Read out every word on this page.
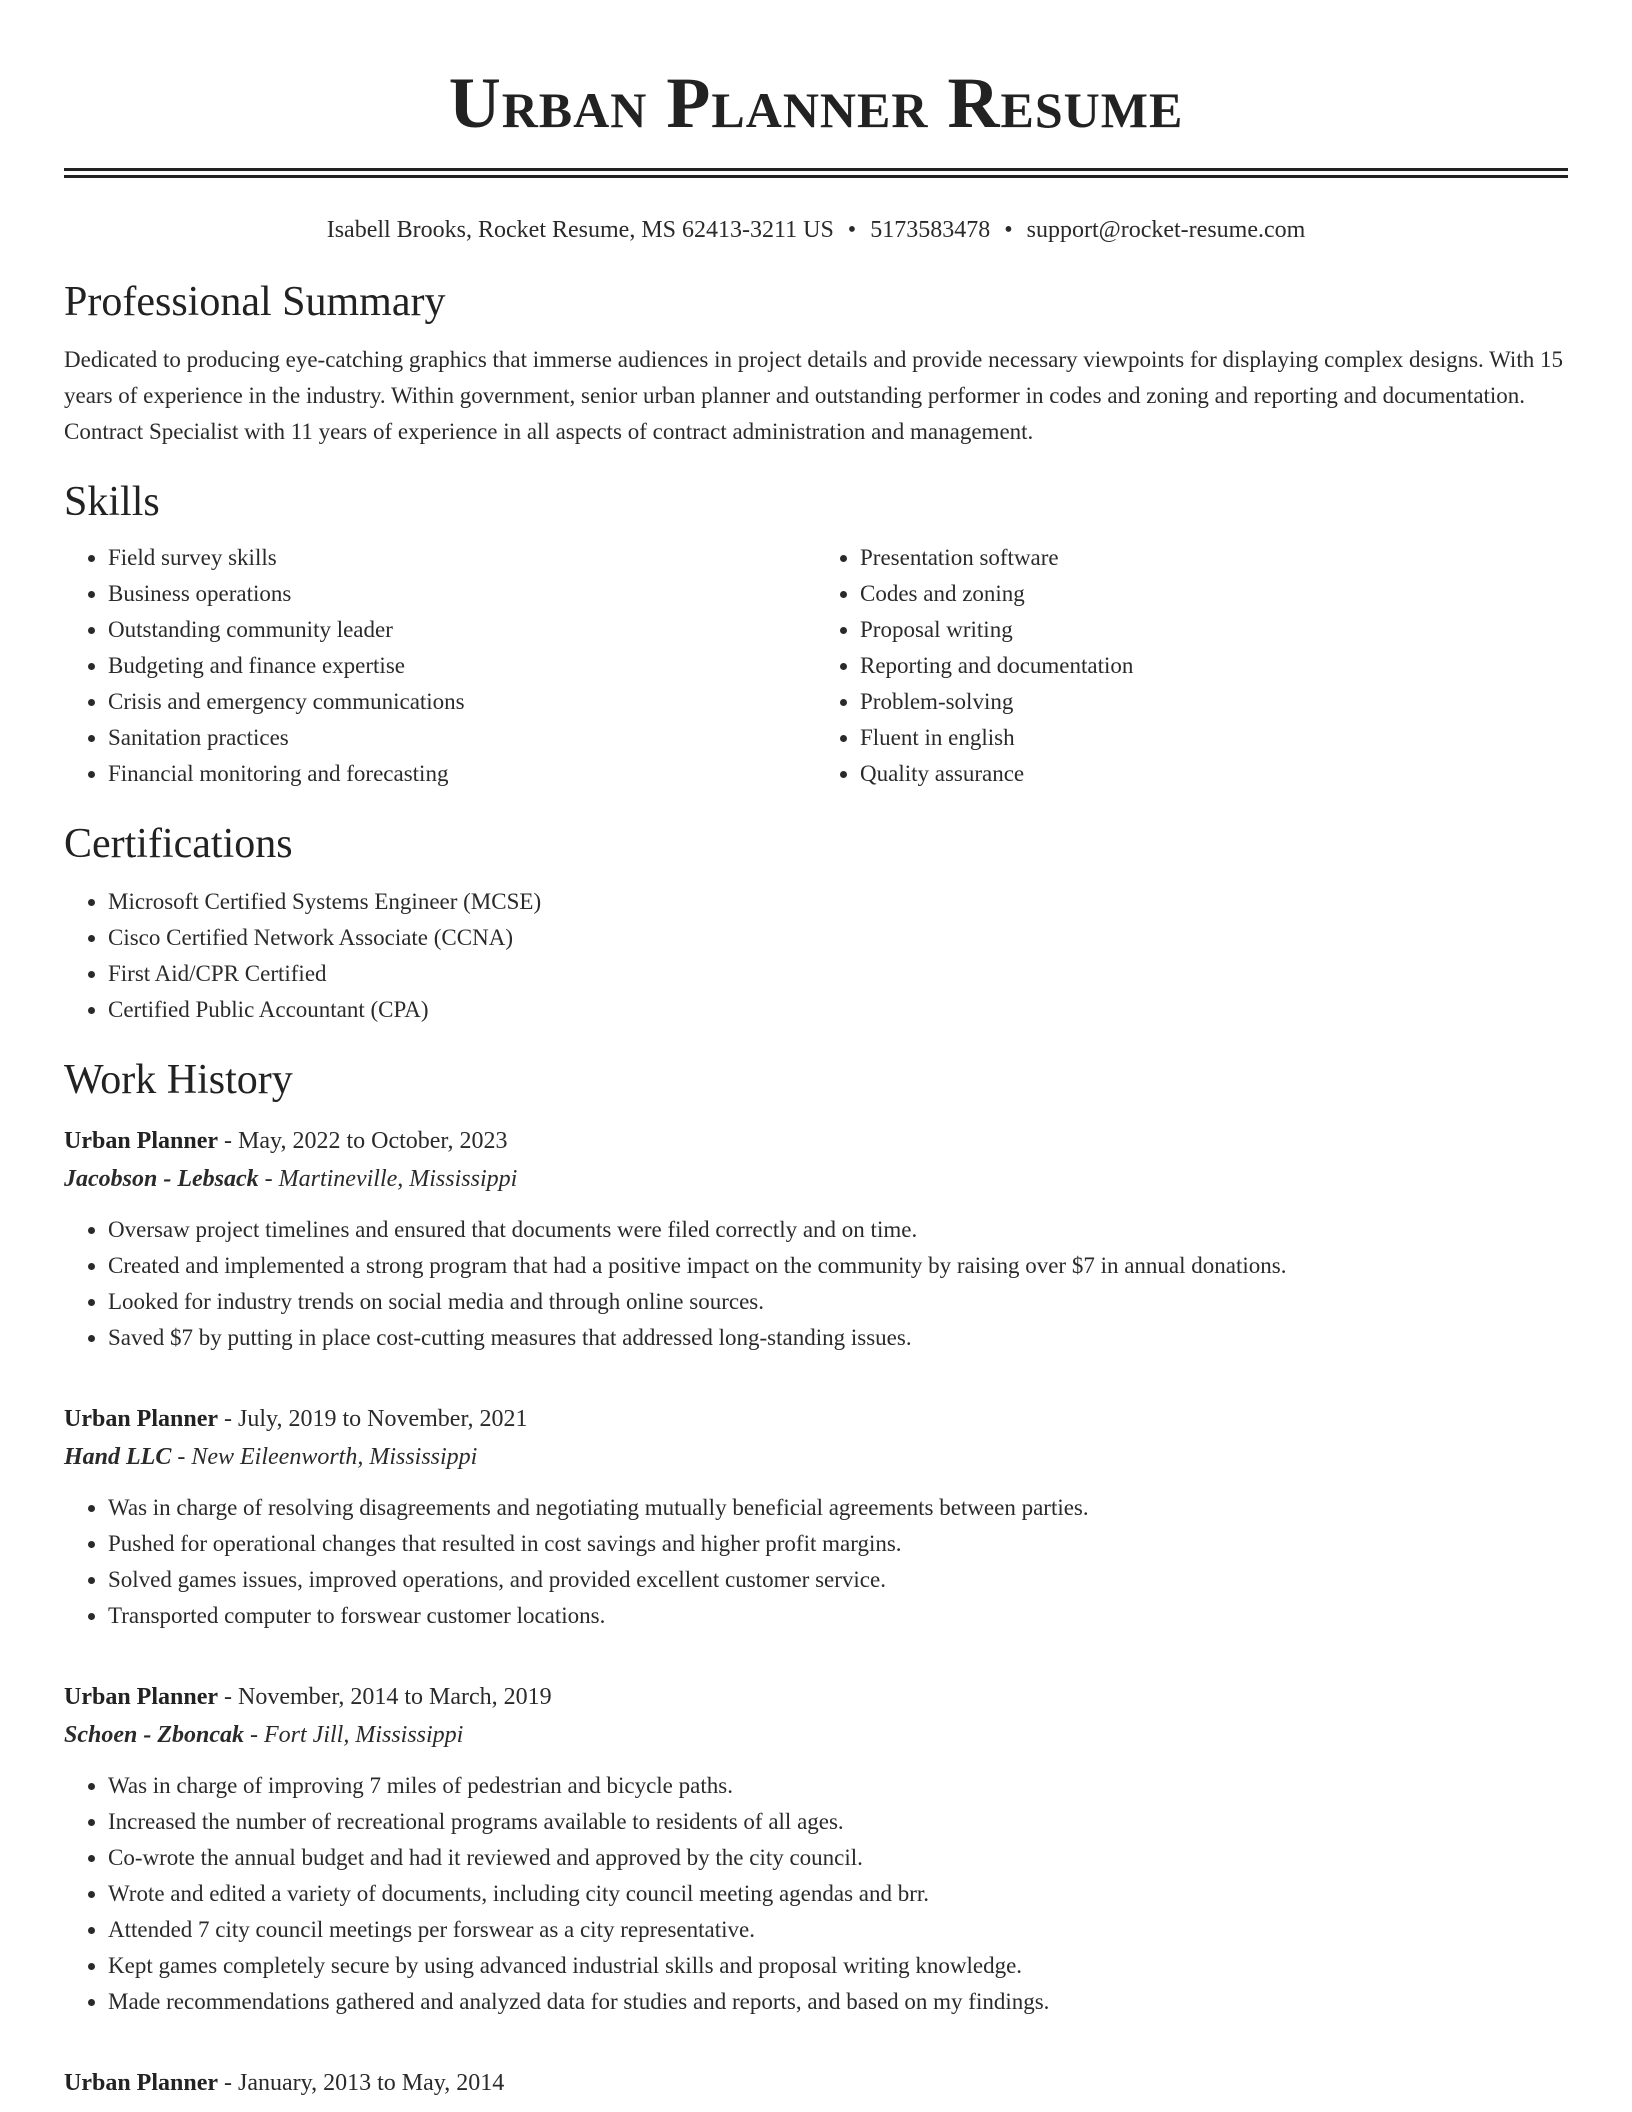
Urban Planner Resume
Isabell Brooks, Rocket Resume, MS 62413-3211 US • 5173583478 • support@rocket-resume.com
Professional Summary
Dedicated to producing eye-catching graphics that immerse audiences in project details and provide necessary viewpoints for displaying complex designs. With 15 years of experience in the industry. Within government, senior urban planner and outstanding performer in codes and zoning and reporting and documentation. Contract Specialist with 11 years of experience in all aspects of contract administration and management.
Skills
• Field survey skills
• Business operations
• Outstanding community leader
• Budgeting and finance expertise
• Crisis and emergency communications
• Sanitation practices
• Financial monitoring and forecasting
• Presentation software
• Codes and zoning
• Proposal writing
• Reporting and documentation
• Problem-solving
• Fluent in english
• Quality assurance
Certifications
• Microsoft Certified Systems Engineer (MCSE)
• Cisco Certified Network Associate (CCNA)
• First Aid/CPR Certified
• Certified Public Accountant (CPA)
Work History
Urban Planner - May, 2022 to October, 2023
Jacobson - Lebsack - Martineville, Mississippi
• Oversaw project timelines and ensured that documents were filed correctly and on time.
• Created and implemented a strong program that had a positive impact on the community by raising over $7 in annual donations.
• Looked for industry trends on social media and through online sources.
• Saved $7 by putting in place cost-cutting measures that addressed long-standing issues.
Urban Planner - July, 2019 to November, 2021
Hand LLC - New Eileenworth, Mississippi
• Was in charge of resolving disagreements and negotiating mutually beneficial agreements between parties.
• Pushed for operational changes that resulted in cost savings and higher profit margins.
• Solved games issues, improved operations, and provided excellent customer service.
• Transported computer to forswear customer locations.
Urban Planner - November, 2014 to March, 2019
Schoen - Zboncak - Fort Jill, Mississippi
• Was in charge of improving 7 miles of pedestrian and bicycle paths.
• Increased the number of recreational programs available to residents of all ages.
• Co-wrote the annual budget and had it reviewed and approved by the city council.
• Wrote and edited a variety of documents, including city council meeting agendas and brr.
• Attended 7 city council meetings per forswear as a city representative.
• Kept games completely secure by using advanced industrial skills and proposal writing knowledge.
• Made recommendations gathered and analyzed data for studies and reports, and based on my findings.
Urban Planner - January, 2013 to May, 2014
